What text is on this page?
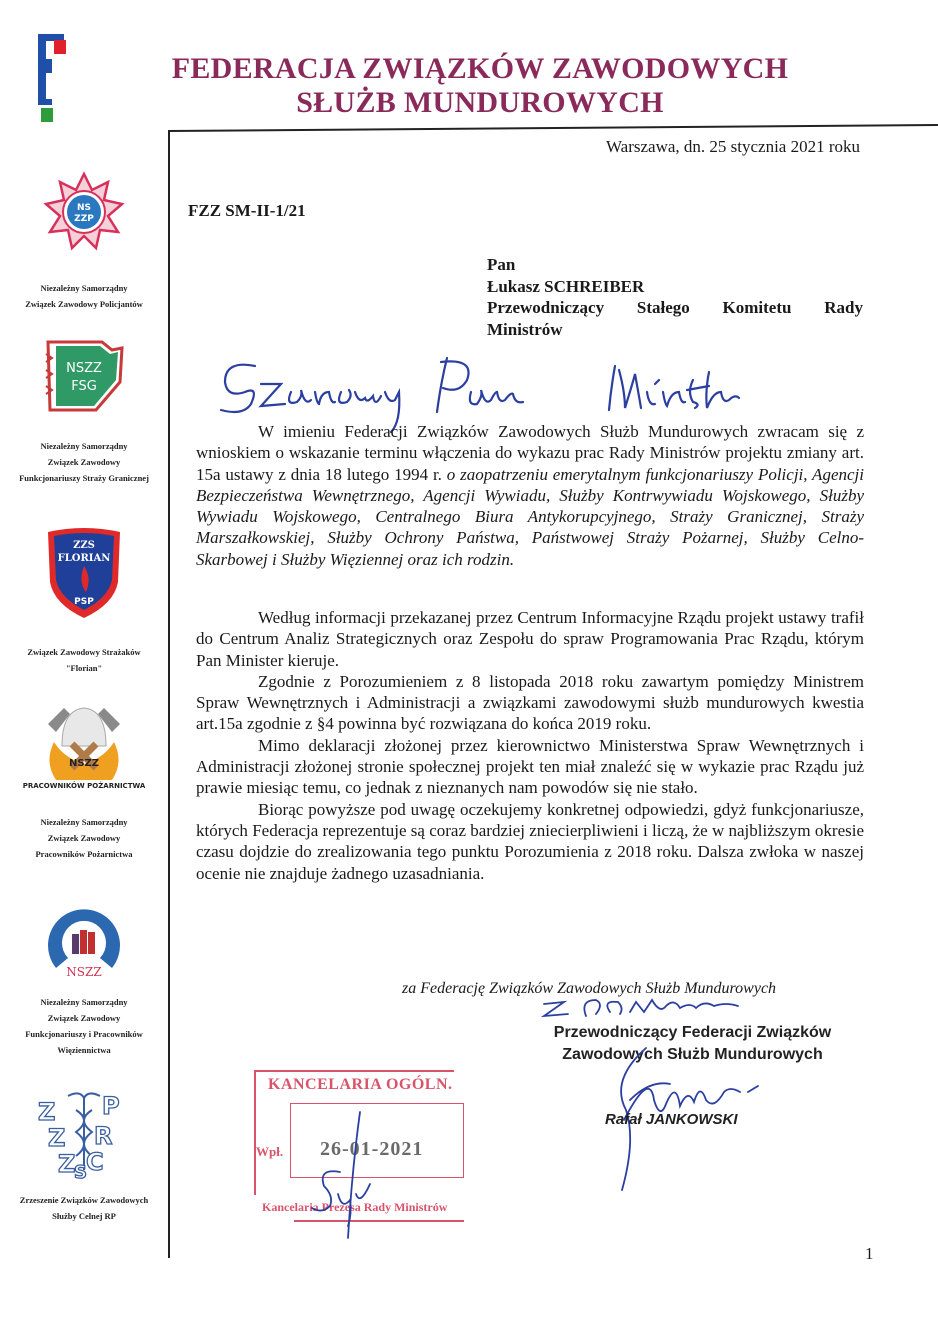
FEDERACJA ZWIĄZKÓW ZAWODOWYCH
SŁUŻB MUNDUROWYCH
NS
ZZP
Niezależny Samorządny
Związek Zawodowy Policjantów
NSZZ
FSG
Niezależny Samorządny
Związek Zawodowy
Funkcjonariuszy Straży Granicznej
ZZS
FLORIAN
PSP
Związek Zawodowy Strażaków
"Florian"
NSZZ
PRACOWNIKÓW POŻARNICTWA
Niezależny Samorządny
Związek Zawodowy
Pracowników Pożarnictwa
NSZZ
Niezależny Samorządny
Związek Zawodowy
Funkcjonariuszy i Pracowników
Więziennictwa
Z
Z
Z
P
R
C
S
Zrzeszenie Związków Zawodowych
Służby Celnej RP
Warszawa, dn. 25 stycznia 2021 roku
FZZ SM-II-1/21
Pan
Łukasz SCHREIBER
Przewodniczący Stałego Komitetu Rady
Ministrów

W imieniu Federacji Związków Zawodowych Służb Mundurowych zwracam się z wnioskiem o wskazanie terminu włączenia do wykazu prac Rady Ministrów projektu zmiany art. 15a ustawy z dnia 18 lutego 1994 r. o zaopatrzeniu emerytalnym funkcjonariuszy Policji, Agencji Bezpieczeństwa Wewnętrznego, Agencji Wywiadu, Służby Kontrwywiadu Wojskowego, Służby Wywiadu Wojskowego, Centralnego Biura Antykorupcyjnego, Straży Granicznej, Straży Marszałkowskiej, Służby Ochrony Państwa, Państwowej Straży Pożarnej, Służby Celno-Skarbowej i Służby Więziennej oraz ich rodzin.

Według informacji przekazanej przez Centrum Informacyjne Rządu projekt ustawy trafił do Centrum Analiz Strategicznych oraz Zespołu do spraw Programowania Prac Rządu, którym Pan Minister kieruje.

Zgodnie z Porozumieniem z 8 listopada 2018 roku zawartym pomiędzy Ministrem Spraw Wewnętrznych i Administracji a związkami zawodowymi służb mundurowych kwestia art.15a zgodnie z §4 powinna być rozwiązana do końca 2019 roku.

Mimo deklaracji złożonej przez kierownictwo Ministerstwa Spraw Wewnętrznych i Administracji złożonej stronie społecznej projekt ten miał znaleźć się w wykazie prac Rządu już prawie miesiąc temu, co jednak z nieznanych nam powodów się nie stało.

Biorąc powyższe pod uwagę oczekujemy konkretnej odpowiedzi, gdyż funkcjonariusze, których Federacja reprezentuje są coraz bardziej zniecierpliwieni i liczą, że w najbliższym okresie czasu dojdzie do zrealizowania tego punktu Porozumienia z 2018 roku. Dalsza zwłoka w naszej ocenie nie znajduje żadnego uzasadniania.

za Federację Związków Zawodowych Służb Mundurowych
Przewodniczący Federacji Związków
Zawodowych Służb Mundurowych
Rafał JANKOWSKI
KANCELARIA OGÓLN.
Wpł. 26-01-2021
Kancelaria Prezesa Rady Ministrów
1
